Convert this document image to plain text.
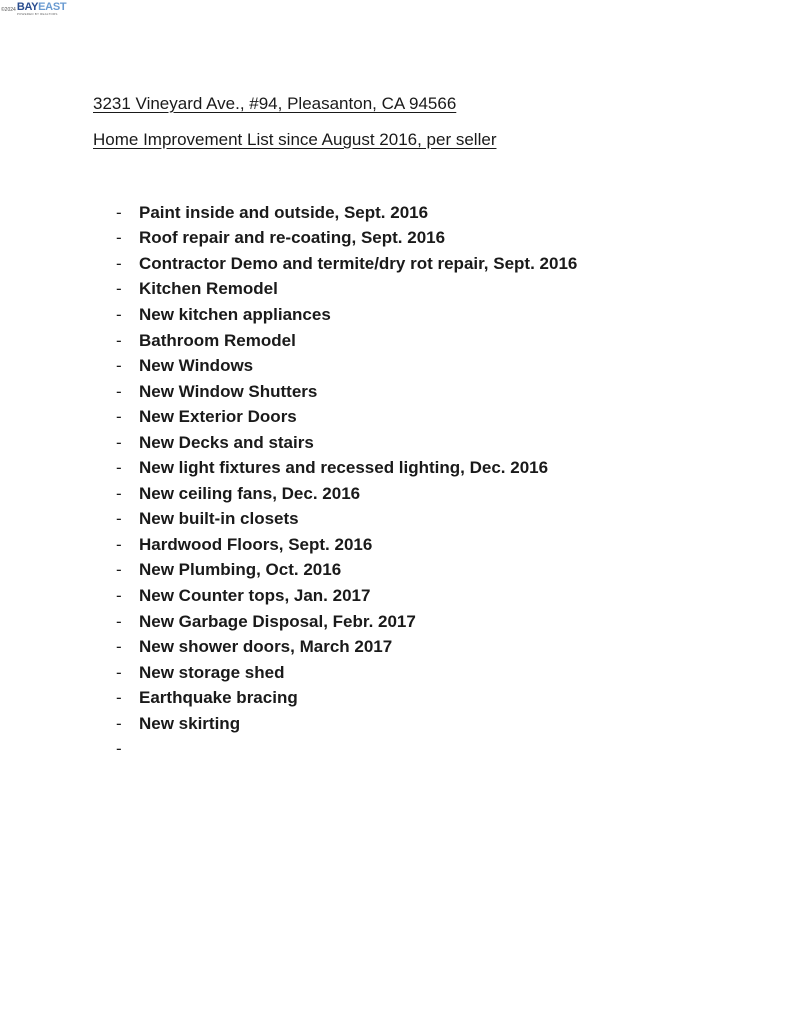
©2024 BAYEAST
POWERED BY REALTORS
3231 Vineyard Ave., #94, Pleasanton, CA 94566
Home Improvement List since August 2016, per seller
-	Paint inside and outside, Sept. 2016
-	Roof repair and re-coating, Sept. 2016
-	Contractor Demo and termite/dry rot repair, Sept. 2016
-	Kitchen Remodel
-	New kitchen appliances
-	Bathroom Remodel
-	New Windows
-	New Window Shutters
-	New Exterior Doors
-	New Decks and stairs
-	New light fixtures and recessed lighting, Dec. 2016
-	New ceiling fans, Dec. 2016
-	New built-in closets
-	Hardwood Floors, Sept. 2016
-	New Plumbing, Oct. 2016
-	New Counter tops, Jan. 2017
-	New Garbage Disposal, Febr. 2017
-	New shower doors, March 2017
-	New storage shed
-	Earthquake bracing
-	New skirting
-
